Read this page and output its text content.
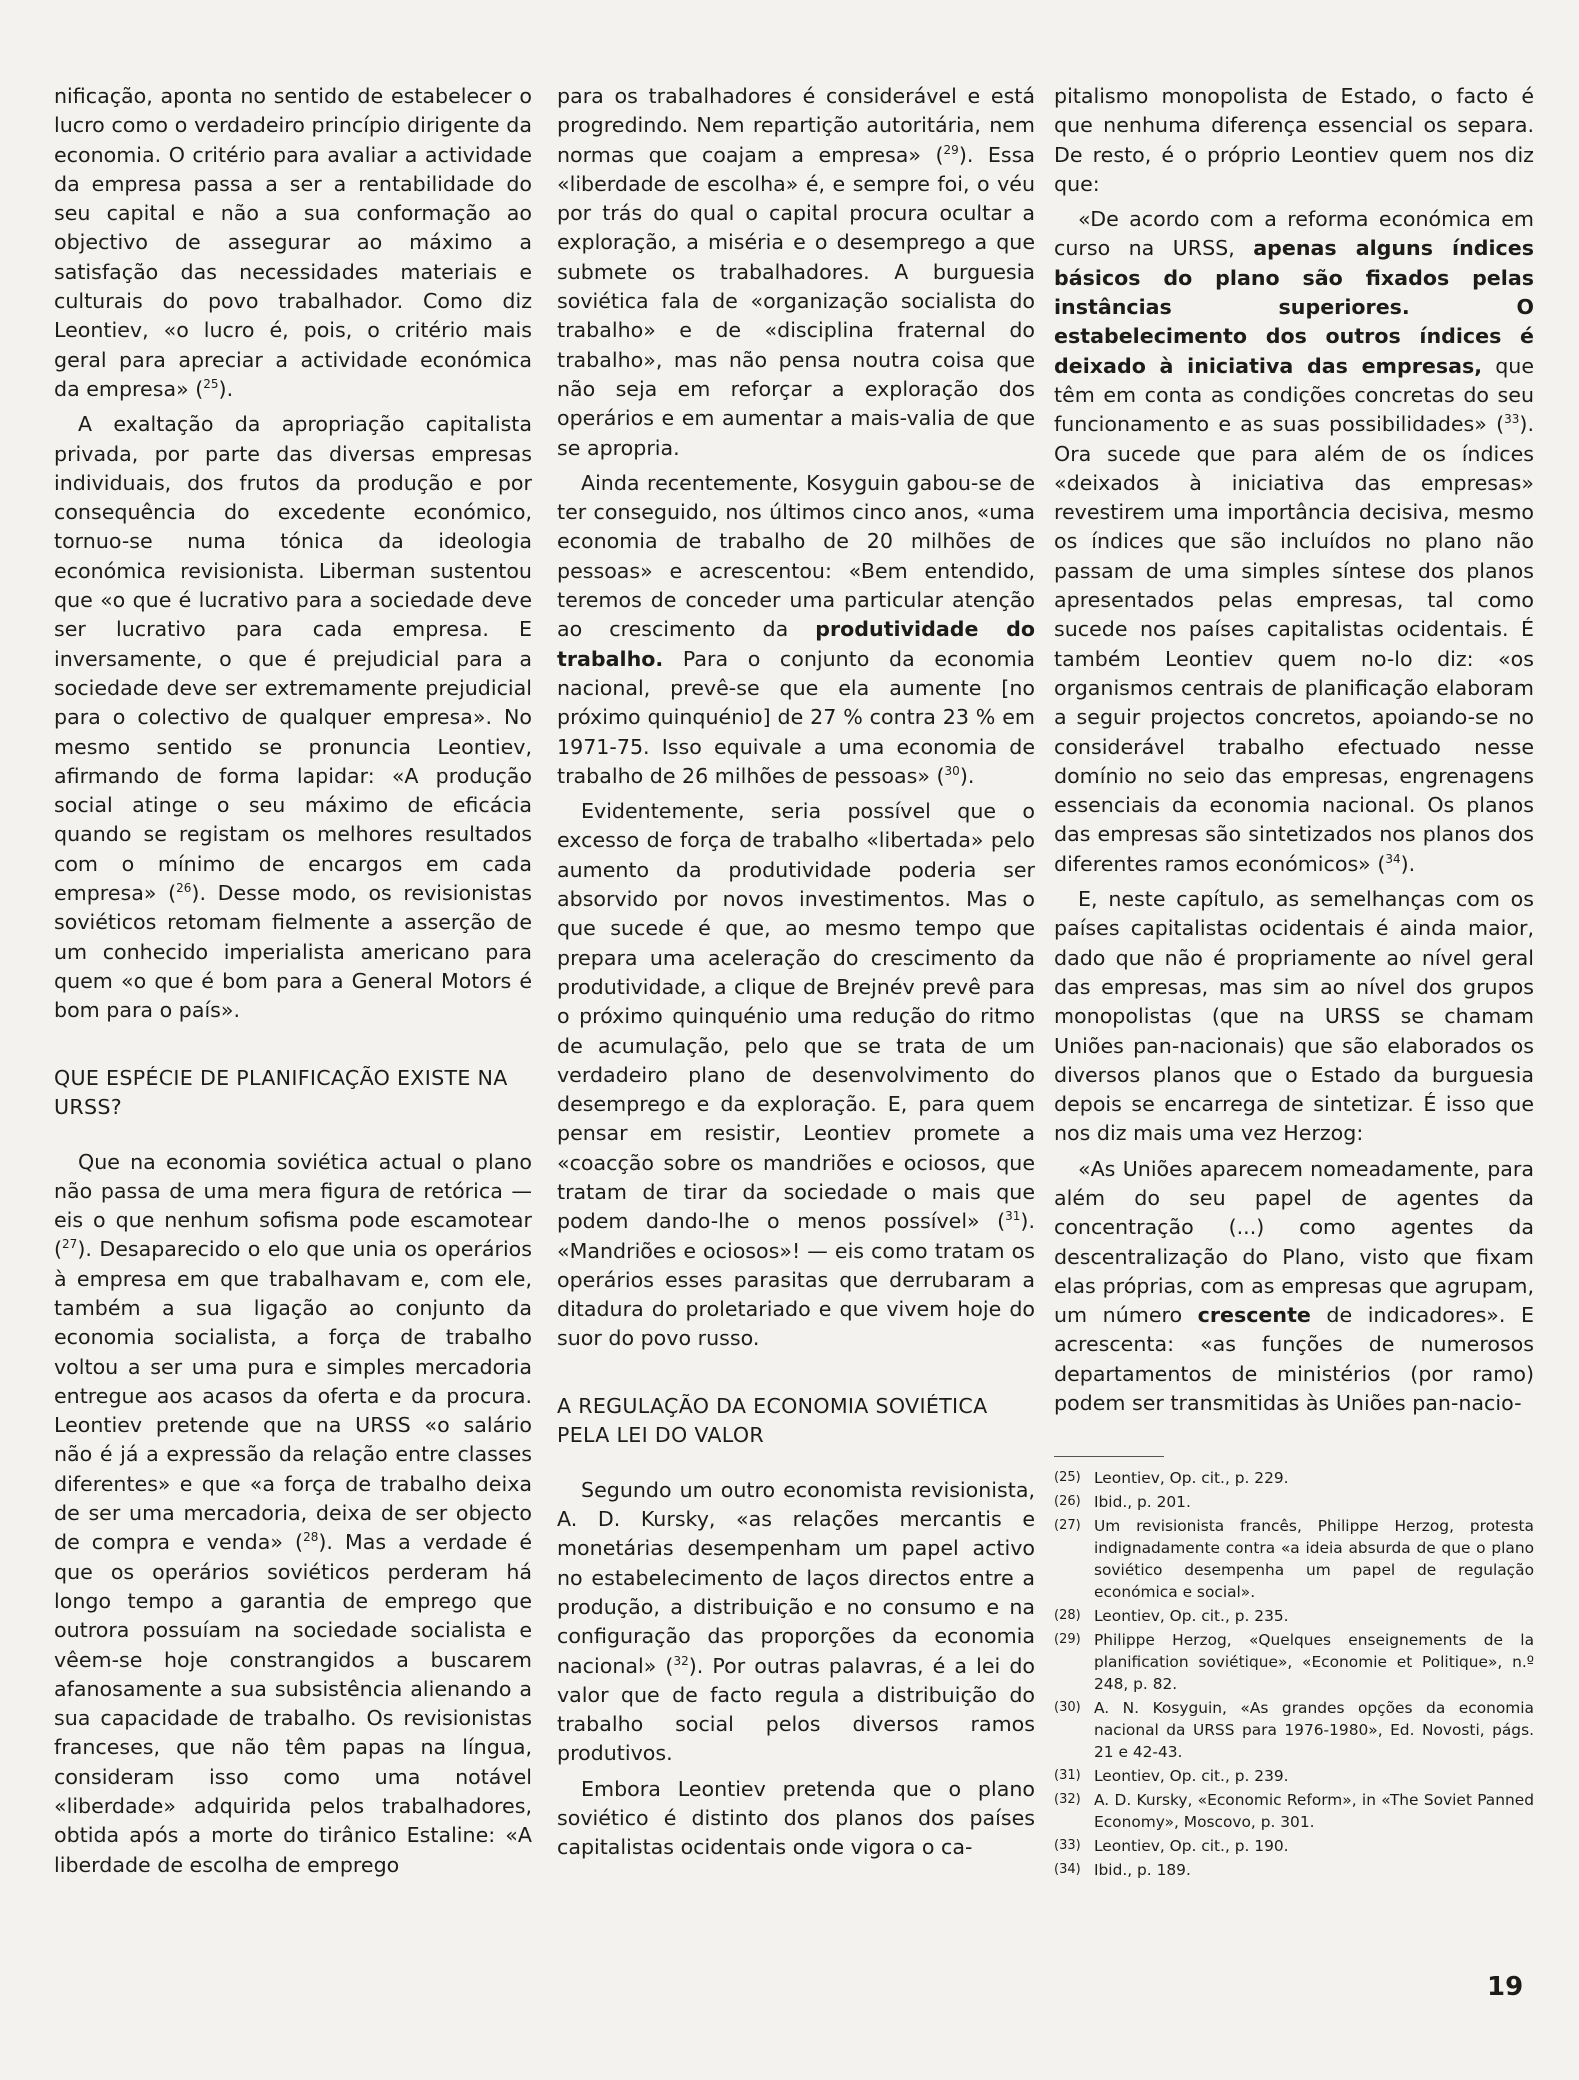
nificação, aponta no sentido de estabelecer o lucro como o verdadeiro princípio dirigente da economia. O critério para avaliar a actividade da empresa passa a ser a rentabilidade do seu capital e não a sua conformação ao objectivo de assegurar ao máximo a satisfação das necessidades materiais e culturais do povo trabalhador. Como diz Leontiev, «o lucro é, pois, o critério mais geral para apreciar a actividade económica da empresa» ($^{25}$).

A exaltação da apropriação capitalista privada, por parte das diversas empresas individuais, dos frutos da produção e por consequência do excedente económico, tornuo-se numa tónica da ideologia económica revisionista. Liberman sustentou que «o que é lucrativo para a sociedade deve ser lucrativo para cada empresa. E inversamente, o que é prejudicial para a sociedade deve ser extremamente prejudicial para o colectivo de qualquer empresa». No mesmo sentido se pronuncia Leontiev, afirmando de forma lapidar: «A produção social atinge o seu máximo de eficácia quando se registam os melhores resultados com o mínimo de encargos em cada empresa» ($^{26}$). Desse modo, os revisionistas soviéticos retomam fielmente a asserção de um conhecido imperialista americano para quem «o que é bom para a General Motors é bom para o país».

QUE ESPÉCIE DE PLANIFICAÇÃO EXISTE NA URSS?

Que na economia soviética actual o plano não passa de uma mera figura de retórica — eis o que nenhum sofisma pode escamotear ($^{27}$). Desaparecido o elo que unia os operários à empresa em que trabalhavam e, com ele, também a sua ligação ao conjunto da economia socialista, a força de trabalho voltou a ser uma pura e simples mercadoria entregue aos acasos da oferta e da procura. Leontiev pretende que na URSS «o salário não é já a expressão da relação entre classes diferentes» e que «a força de trabalho deixa de ser uma mercadoria, deixa de ser objecto de compra e venda» ($^{28}$). Mas a verdade é que os operários soviéticos perderam há longo tempo a garantia de emprego que outrora possuíam na sociedade socialista e vêem-se hoje constrangidos a buscarem afanosamente a sua subsistência alienando a sua capacidade de trabalho. Os revisionistas franceses, que não têm papas na língua, consideram isso como uma notável «liberdade» adquirida pelos trabalhadores, obtida após a morte do tirânico Estaline: «A liberdade de escolha de emprego

para os trabalhadores é considerável e está progredindo. Nem repartição autoritária, nem normas que coajam a empresa» ($^{29}$). Essa «liberdade de escolha» é, e sempre foi, o véu por trás do qual o capital procura ocultar a exploração, a miséria e o desemprego a que submete os trabalhadores. A burguesia soviética fala de «organização socialista do trabalho» e de «disciplina fraternal do trabalho», mas não pensa noutra coisa que não seja em reforçar a exploração dos operários e em aumentar a mais-valia de que se apropria.

Ainda recentemente, Kosyguin gabou-se de ter conseguido, nos últimos cinco anos, «uma economia de trabalho de 20 milhões de pessoas» e acrescentou: «Bem entendido, teremos de conceder uma particular atenção ao crescimento da produtividade do trabalho. Para o conjunto da economia nacional, prevê-se que ela aumente [no próximo quinquénio] de 27 % contra 23 % em 1971-75. Isso equivale a uma economia de trabalho de 26 milhões de pessoas» ($^{30}$).

Evidentemente, seria possível que o excesso de força de trabalho «libertada» pelo aumento da produtividade poderia ser absorvido por novos investimentos. Mas o que sucede é que, ao mesmo tempo que prepara uma aceleração do crescimento da produtividade, a clique de Brejnév prevê para o próximo quinquénio uma redução do ritmo de acumulação, pelo que se trata de um verdadeiro plano de desenvolvimento do desemprego e da exploração. E, para quem pensar em resistir, Leontiev promete a «coacção sobre os mandriões e ociosos, que tratam de tirar da sociedade o mais que podem dando-lhe o menos possível» ($^{31}$). «Mandriões e ociosos»! — eis como tratam os operários esses parasitas que derrubaram a ditadura do proletariado e que vivem hoje do suor do povo russo.

A REGULAÇÃO DA ECONOMIA SOVIÉTICA PELA LEI DO VALOR

Segundo um outro economista revisionista, A. D. Kursky, «as relações mercantis e monetárias desempenham um papel activo no estabelecimento de laços directos entre a produção, a distribuição e no consumo e na configuração das proporções da economia nacional» ($^{32}$). Por outras palavras, é a lei do valor que de facto regula a distribuição do trabalho social pelos diversos ramos produtivos.

Embora Leontiev pretenda que o plano soviético é distinto dos planos dos países capitalistas ocidentais onde vigora o ca-

pitalismo monopolista de Estado, o facto é que nenhuma diferença essencial os separa. De resto, é o próprio Leontiev quem nos diz que:

«De acordo com a reforma económica em curso na URSS, apenas alguns índices básicos do plano são fixados pelas instâncias superiores. O estabelecimento dos outros índices é deixado à iniciativa das empresas, que têm em conta as condições concretas do seu funcionamento e as suas possibilidades» ($^{33}$). Ora sucede que para além de os índices «deixados à iniciativa das empresas» revestirem uma importância decisiva, mesmo os índices que são incluídos no plano não passam de uma simples síntese dos planos apresentados pelas empresas, tal como sucede nos países capitalistas ocidentais. É também Leontiev quem no-lo diz: «os organismos centrais de planificação elaboram a seguir projectos concretos, apoiando-se no considerável trabalho efectuado nesse domínio no seio das empresas, engrenagens essenciais da economia nacional. Os planos das empresas são sintetizados nos planos dos diferentes ramos económicos» ($^{34}$).

E, neste capítulo, as semelhanças com os países capitalistas ocidentais é ainda maior, dado que não é propriamente ao nível geral das empresas, mas sim ao nível dos grupos monopolistas (que na URSS se chamam Uniões pan-nacionais) que são elaborados os diversos planos que o Estado da burguesia depois se encarrega de sintetizar. É isso que nos diz mais uma vez Herzog:

«As Uniões aparecem nomeadamente, para além do seu papel de agentes da concentração (...) como agentes da descentralização do Plano, visto que fixam elas próprias, com as empresas que agrupam, um número crescente de indicadores». E acrescenta: «as funções de numerosos departamentos de ministérios (por ramo) podem ser transmitidas às Uniões pan-nacio-

(25) Leontiev, Op. cit., p. 229.
(26) Ibid., p. 201.
(27) Um revisionista francês, Philippe Herzog, protesta indignadamente contra «a ideia absurda de que o plano soviético desempenha um papel de regulação económica e social».
(28) Leontiev, Op. cit., p. 235.
(29) Philippe Herzog, «Quelques enseignements de la planification soviétique», «Economie et Politique», n.º 248, p. 82.
(30) A. N. Kosyguin, «As grandes opções da economia nacional da URSS para 1976-1980», Ed. Novosti, págs. 21 e 42-43.
(31) Leontiev, Op. cit., p. 239.
(32) A. D. Kursky, «Economic Reform», in «The Soviet Panned Economy», Moscovo, p. 301.
(33) Leontiev, Op. cit., p. 190.
(34) Ibid., p. 189.
19
